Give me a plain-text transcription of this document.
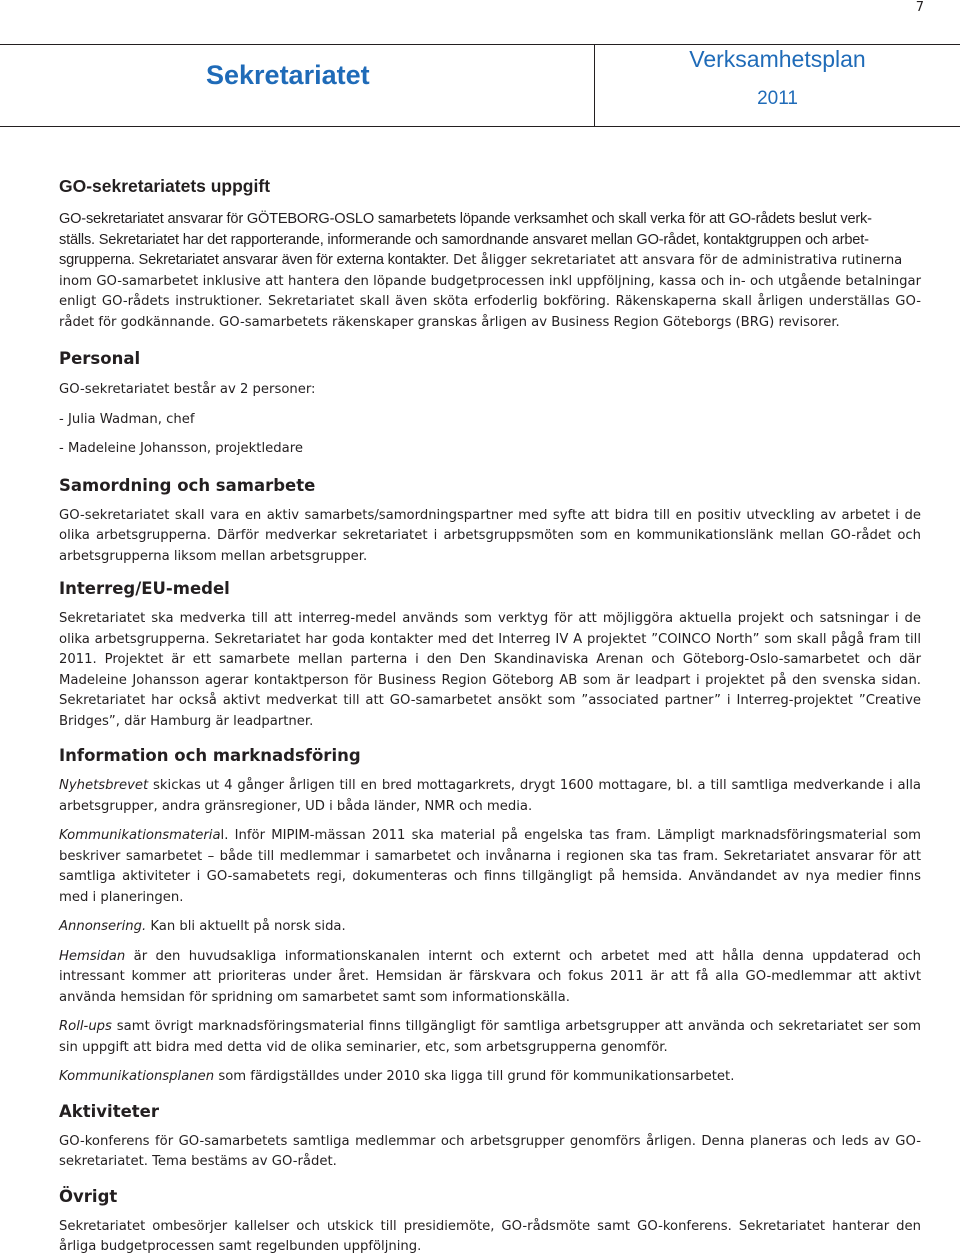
7
Sekretariatet
Verksamhetsplan
2011
GO-sekretariatets uppgift

GO-sekretariatet ansvarar för GÖTEBORG-OSLO samarbetets löpande verksamhet och skall verka för att GO-rådets beslut verk-
ställs. Sekretariatet har det rapporterande, informerande och samordnande ansvaret mellan GO-rådet, kontaktgruppen och arbet-
sgrupperna. Sekretariatet ansvarar även för externa kontakter. Det åligger sekretariatet att ansvara för de administrativa rutinerna

inom GO-samarbetet inklusive att hantera den löpande budgetprocessen inkl uppföljning, kassa och in- och utgående betalningar enligt GO-rådets instruktioner. Sekretariatet skall även sköta erfoderlig bokföring. Räkenskaperna skall årligen underställas GO-rådet för godkännande. GO-samarbetets räkenskaper granskas årligen av Business Region Göteborgs (BRG) revisorer.

Personal

GO-sekretariatet består av 2 personer:

- Julia Wadman, chef

- Madeleine Johansson, projektledare

Samordning och samarbete

GO-sekretariatet skall vara en aktiv samarbets/samordningspartner med syfte att bidra till en positiv utveckling av arbetet i de olika arbetsgrupperna. Därför medverkar sekretariatet i arbetsgruppsmöten som en kommunikationslänk mellan GO-rådet och arbetsgrupperna liksom mellan arbetsgrupper.

Interreg/EU-medel

Sekretariatet ska medverka till att interreg-medel används som verktyg för att möjliggöra aktuella projekt och satsningar i de olika arbetsgrupperna. Sekretariatet har goda kontakter med det Interreg IV A projektet ”COINCO North” som skall pågå fram till 2011. Projektet är ett samarbete mellan parterna i den Den Skandinaviska Arenan och Göteborg-Oslo-samarbetet och där Madeleine Johansson agerar kontaktperson för Business Region Göteborg AB som är leadpart i projektet på den svenska sidan. Sekretariatet har också aktivt medverkat till att GO-samarbetet ansökt som ”associated partner” i Interreg-projektet ”Creative Bridges”, där Hamburg är leadpartner.

Information och marknadsföring

Nyhetsbrevet skickas ut 4 gånger årligen till en bred mottagarkrets, drygt 1600 mottagare, bl. a till samtliga medverkande i alla arbetsgrupper, andra gränsregioner, UD i båda länder, NMR och media.

Kommunikationsmaterial. Inför MIPIM-mässan 2011 ska material på engelska tas fram. Lämpligt marknadsföringsmaterial som beskriver samarbetet – både till medlemmar i samarbetet och invånarna i regionen ska tas fram. Sekretariatet ansvarar för att samtliga aktiviteter i GO-samabetets regi, dokumenteras och finns tillgängligt på hemsida. Användandet av nya medier finns med i planeringen.

Annonsering. Kan bli aktuellt på norsk sida.

Hemsidan är den huvudsakliga informationskanalen internt och externt och arbetet med att hålla denna uppdaterad och intressant kommer att prioriteras under året. Hemsidan är färskvara och fokus 2011 är att få alla GO-medlemmar att aktivt använda hemsidan för spridning om samarbetet samt som informationskälla.

Roll-ups samt övrigt marknadsföringsmaterial finns tillgängligt för samtliga arbetsgrupper att använda och sekretariatet ser som sin uppgift att bidra med detta vid de olika seminarier, etc, som arbetsgrupperna genomför.

Kommunikationsplanen som färdigställdes under 2010 ska ligga till grund för kommunikationsarbetet.

Aktiviteter

GO-konferens för GO-samarbetets samtliga medlemmar och arbetsgrupper genomförs årligen. Denna planeras och leds av GO-sekretariatet. Tema bestäms av GO-rådet.

Övrigt

Sekretariatet ombesörjer kallelser och utskick till presidiemöte, GO-rådsmöte samt GO-konferens. Sekretariatet hanterar den årliga budgetprocessen samt regelbunden uppföljning.
